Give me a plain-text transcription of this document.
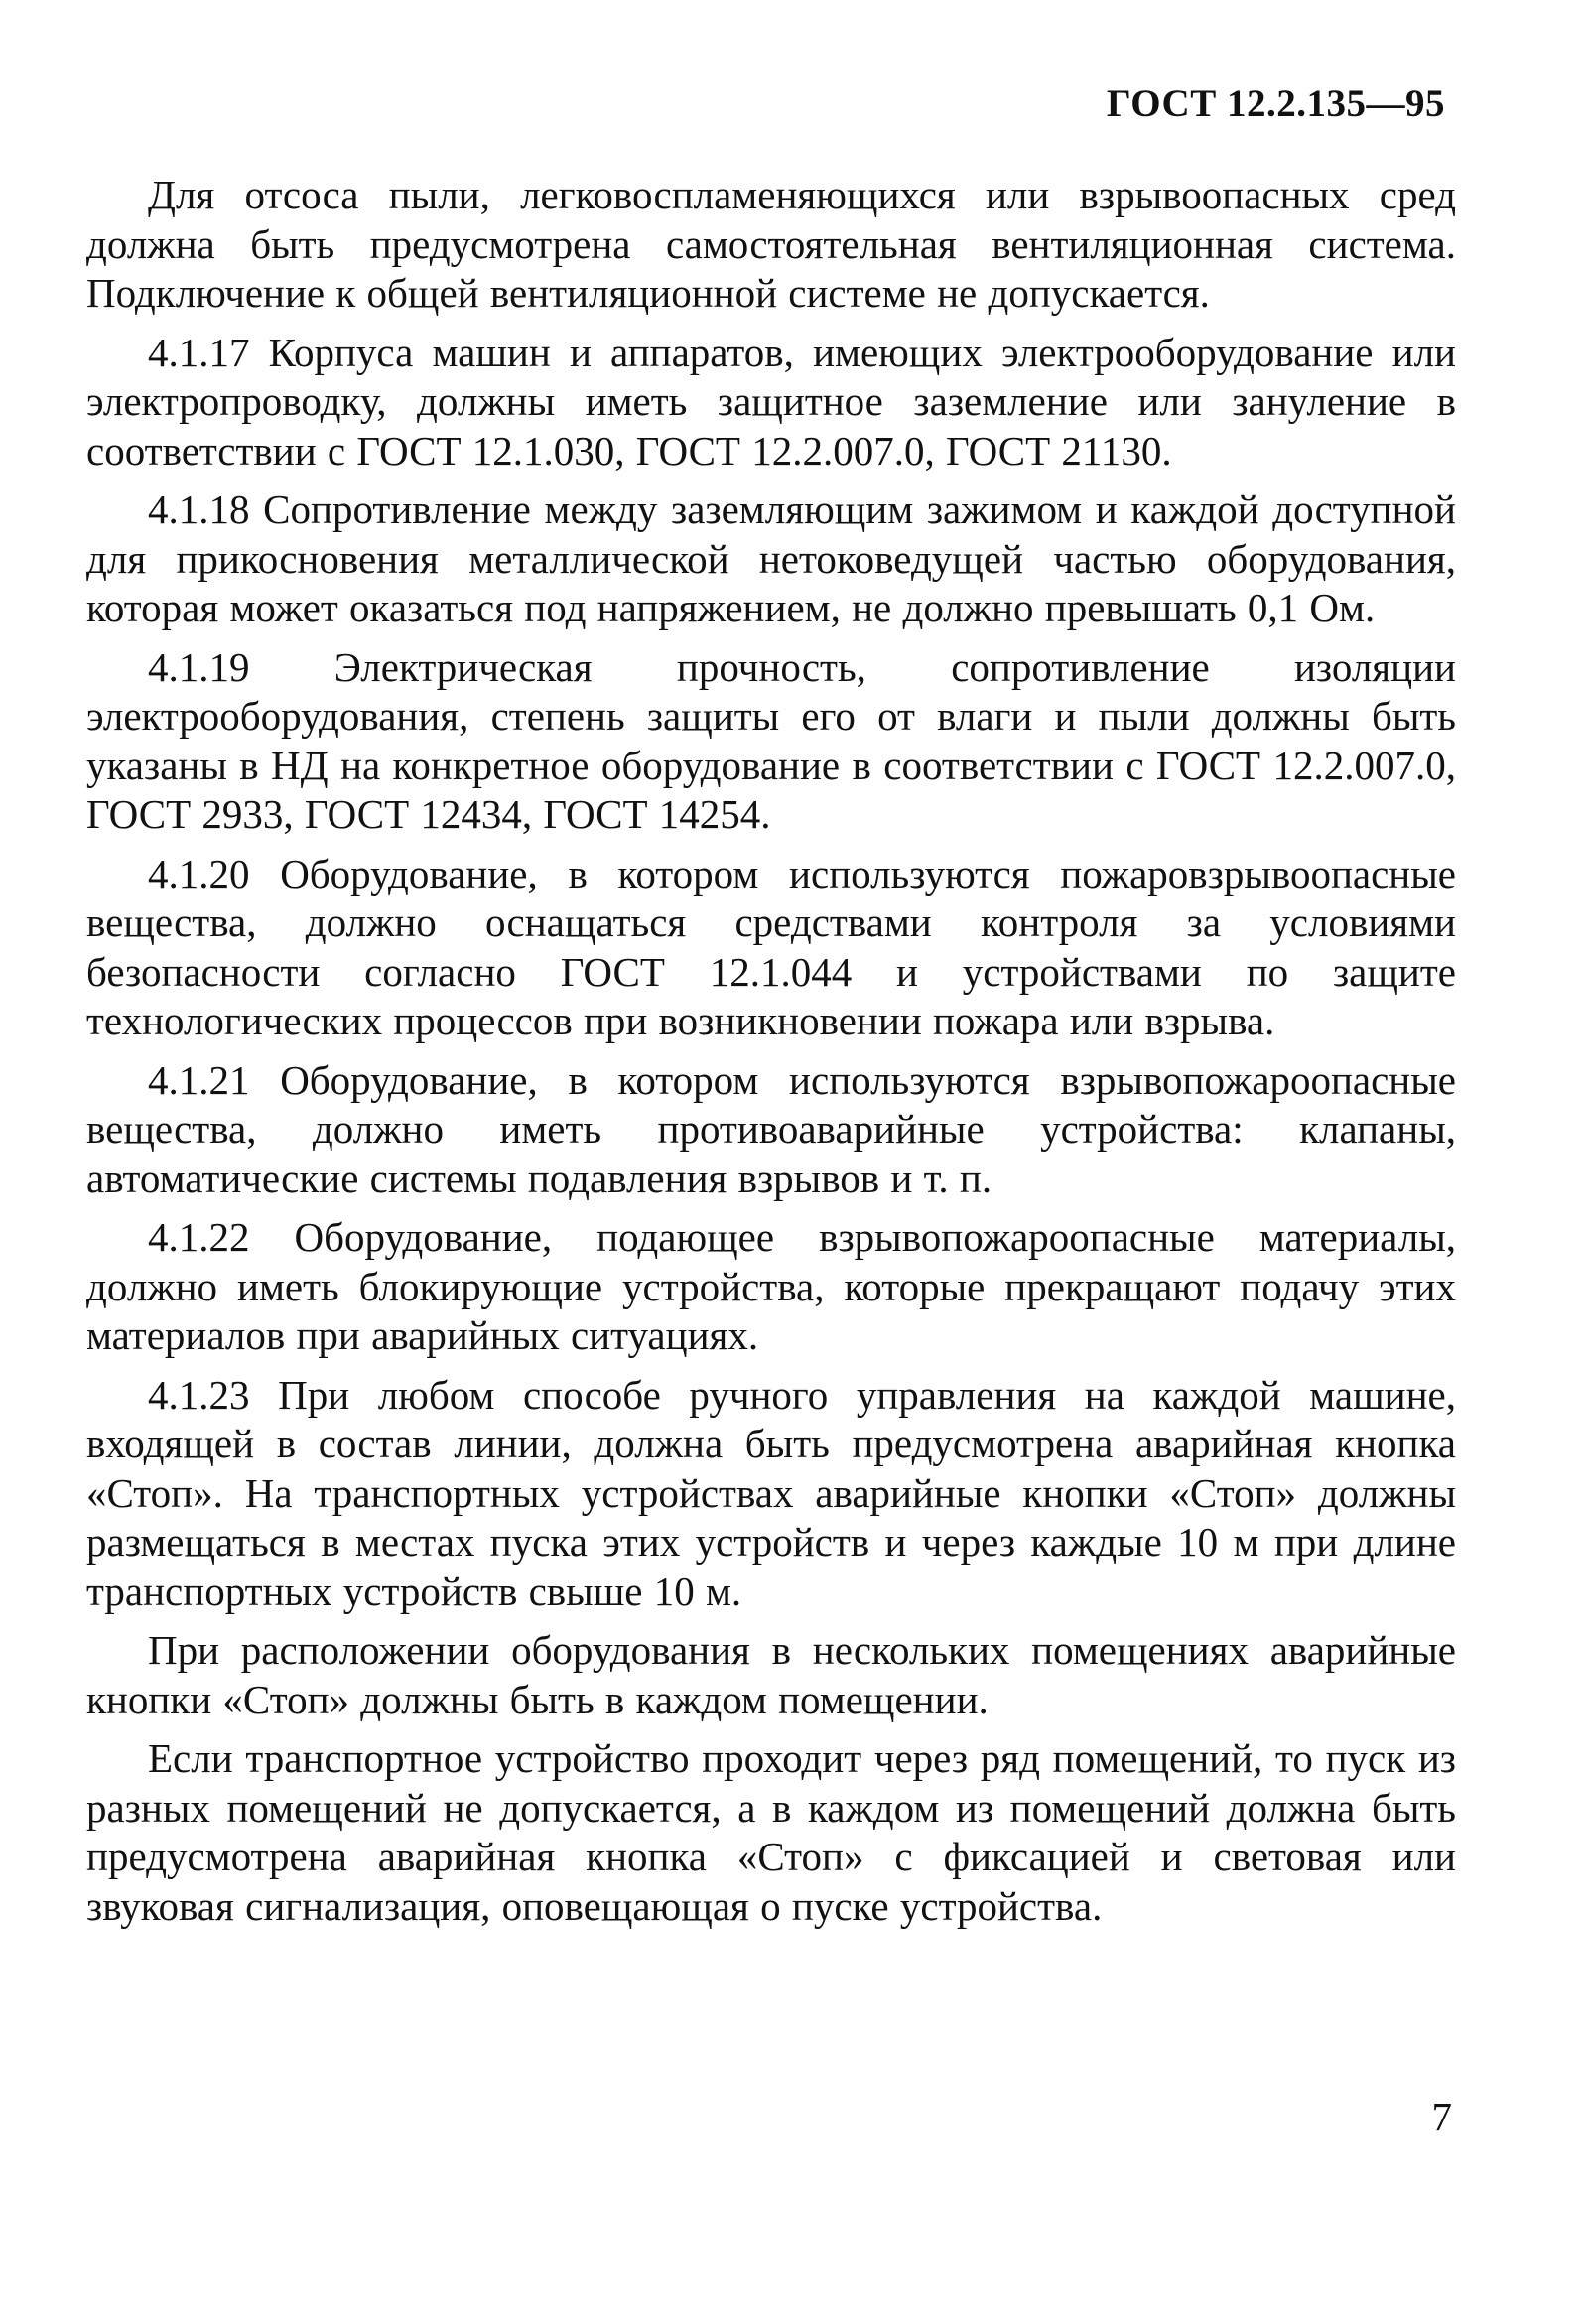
ГОСТ 12.2.135—95

Для отсоса пыли, легковоспламеняющихся или взрывоопасных сред должна быть предусмотрена самостоятельная вентиляционная система. Подключение к общей вентиляционной системе не допускается.

4.1.17 Корпуса машин и аппаратов, имеющих электрооборудование или электропроводку, должны иметь защитное заземление или зануление в соответствии с ГОСТ 12.1.030, ГОСТ 12.2.007.0, ГОСТ 21130.

4.1.18 Сопротивление между заземляющим зажимом и каждой доступной для прикосновения металлической нетоковедущей частью оборудования, которая может оказаться под напряжением, не должно превышать 0,1 Ом.

4.1.19 Электрическая прочность, сопротивление изоляции электрооборудования, степень защиты его от влаги и пыли должны быть указаны в НД на конкретное оборудование в соответствии с ГОСТ 12.2.007.0, ГОСТ 2933, ГОСТ 12434, ГОСТ 14254.

4.1.20 Оборудование, в котором используются пожаровзрывоопасные вещества, должно оснащаться средствами контроля за условиями безопасности согласно ГОСТ 12.1.044 и устройствами по защите технологических процессов при возникновении пожара или взрыва.

4.1.21 Оборудование, в котором используются взрывопожароопасные вещества, должно иметь противоаварийные устройства: клапаны, автоматические системы подавления взрывов и т. п.

4.1.22 Оборудование, подающее взрывопожароопасные материалы, должно иметь блокирующие устройства, которые прекращают подачу этих материалов при аварийных ситуациях.

4.1.23 При любом способе ручного управления на каждой машине, входящей в состав линии, должна быть предусмотрена аварийная кнопка «Стоп». На транспортных устройствах аварийные кнопки «Стоп» должны размещаться в местах пуска этих устройств и через каждые 10 м при длине транспортных устройств свыше 10 м.

При расположении оборудования в нескольких помещениях аварийные кнопки «Стоп» должны быть в каждом помещении.

Если транспортное устройство проходит через ряд помещений, то пуск из разных помещений не допускается, а в каждом из помещений должна быть предусмотрена аварийная кнопка «Стоп» с фиксацией и световая или звуковая сигнализация, оповещающая о пуске устройства.

7
